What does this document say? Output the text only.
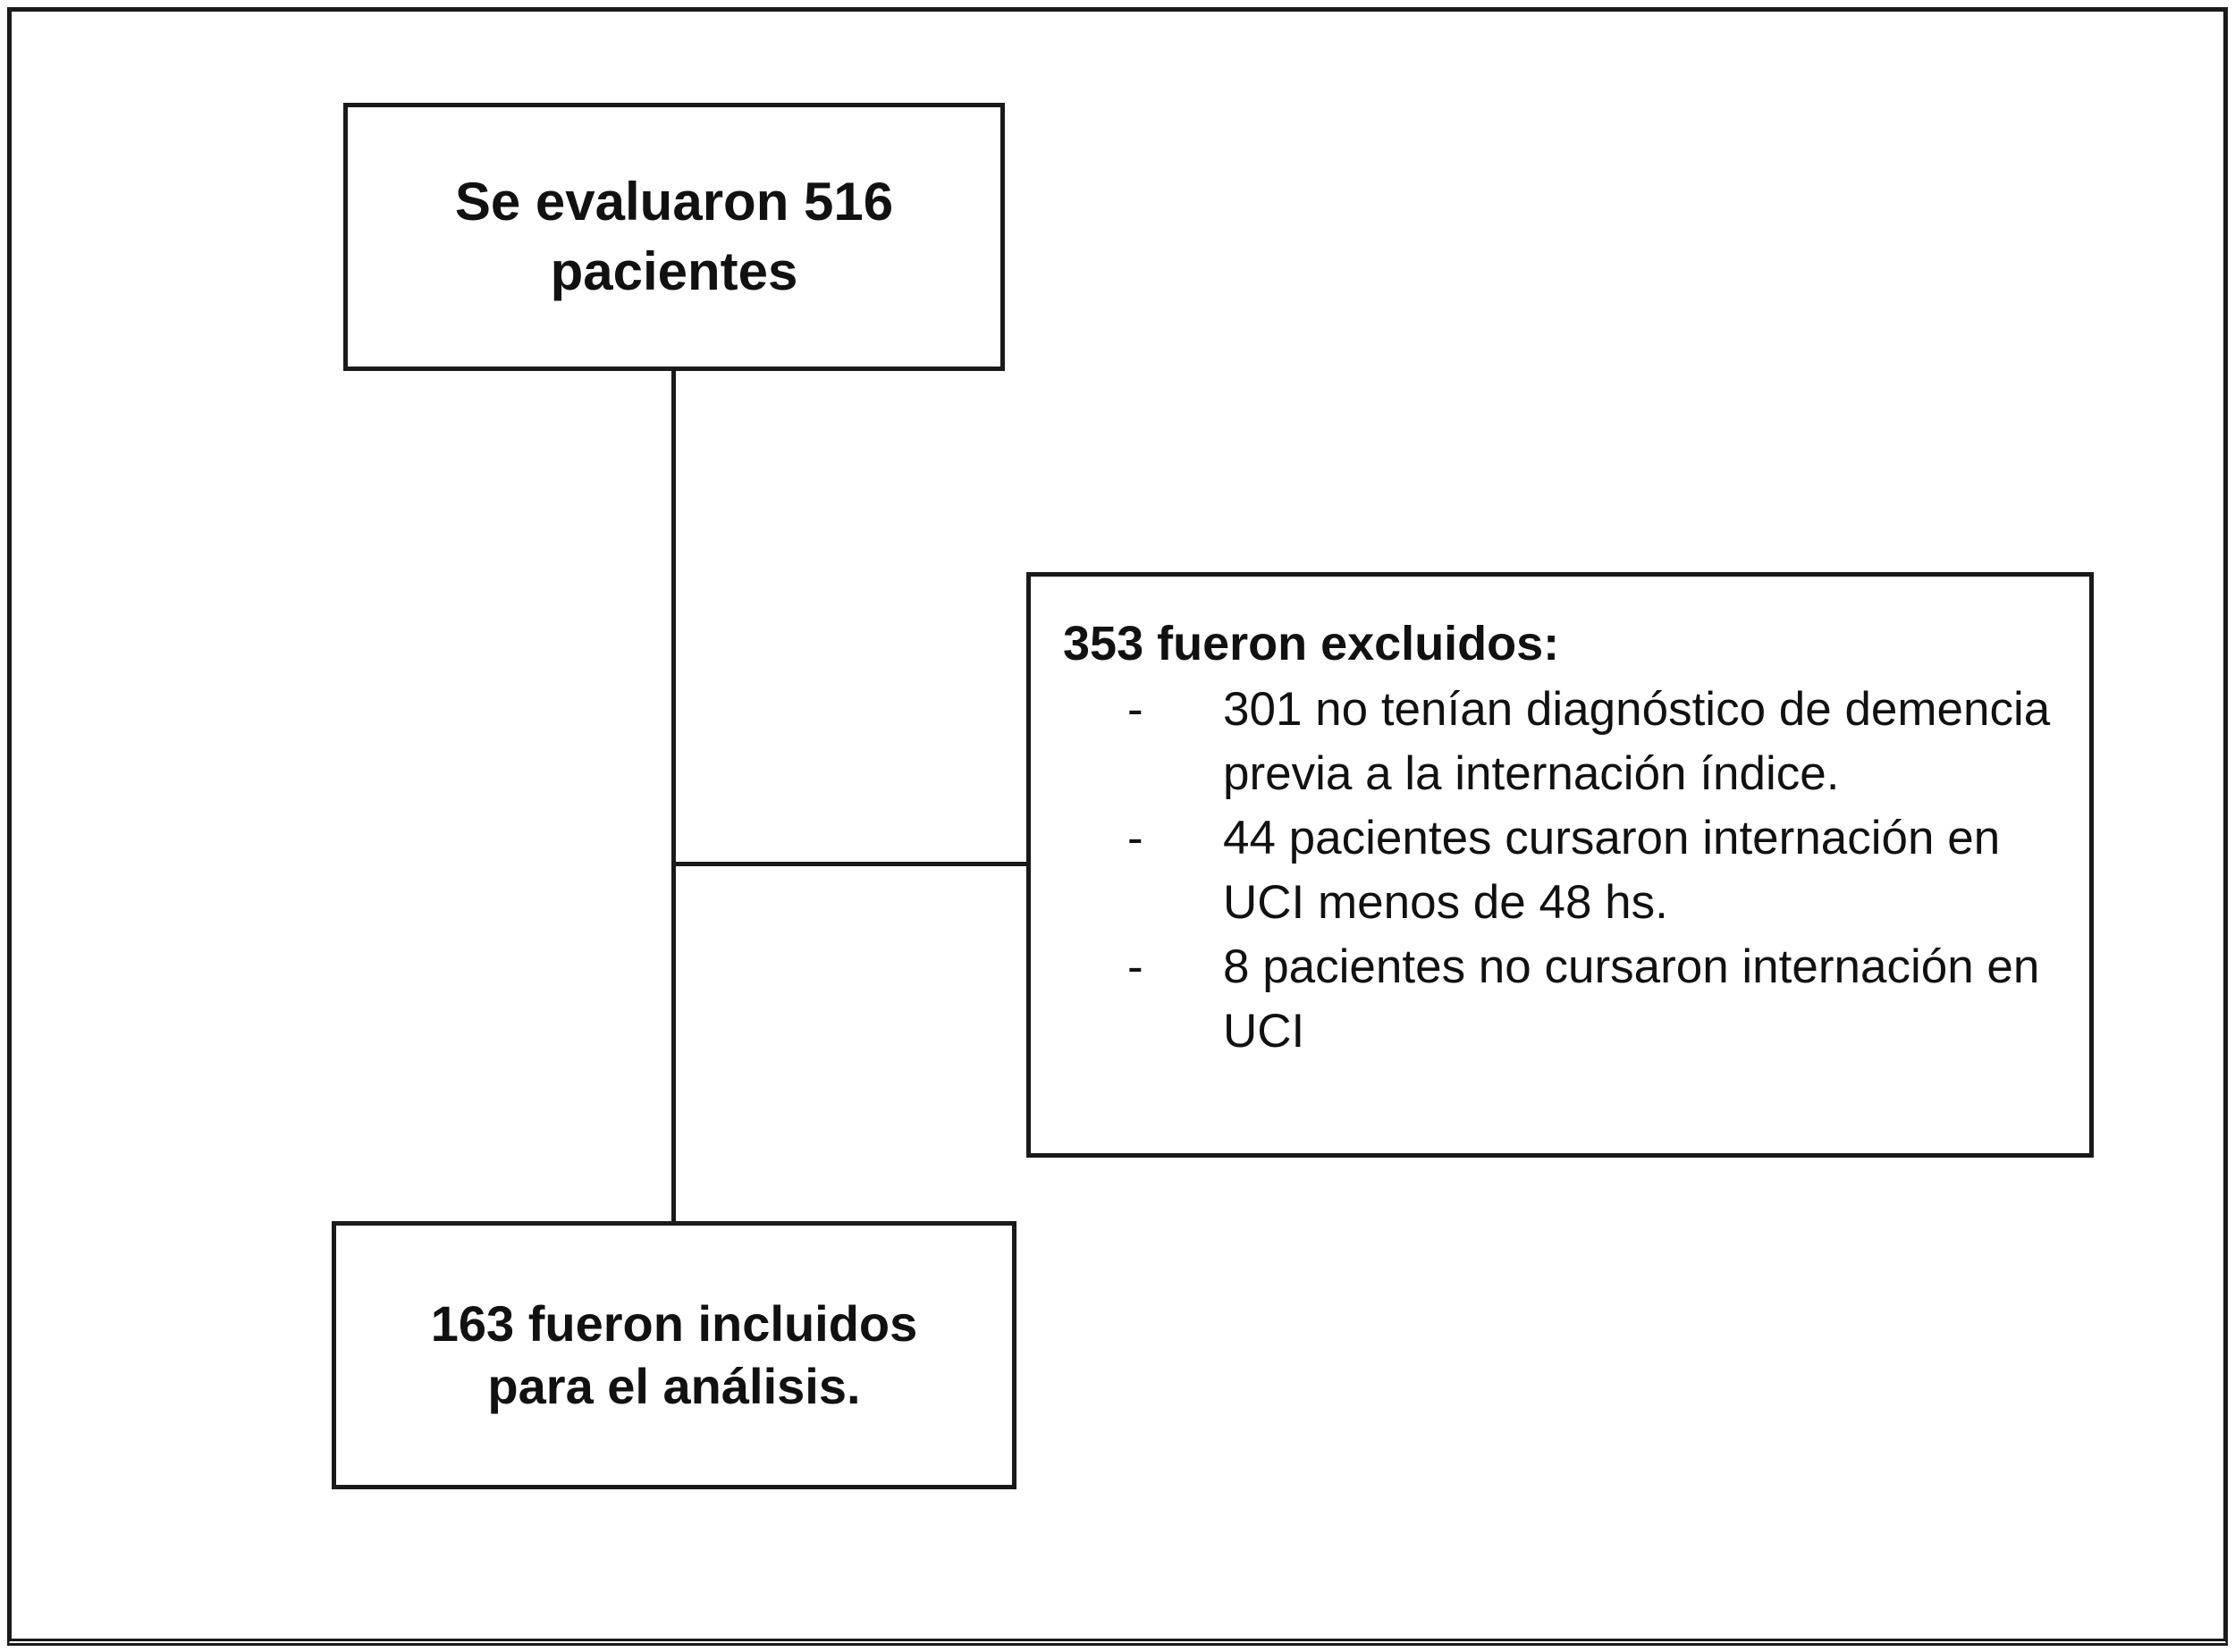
Se evaluaron 516

pacientes

353 fueron excluidos:

-	301 no tenían diagnóstico de demencia previa a la internación índice.
-	44 pacientes cursaron internación en UCI menos de 48 hs.
-	8 pacientes no cursaron internación en UCI

163 fueron incluidos

para el análisis.
